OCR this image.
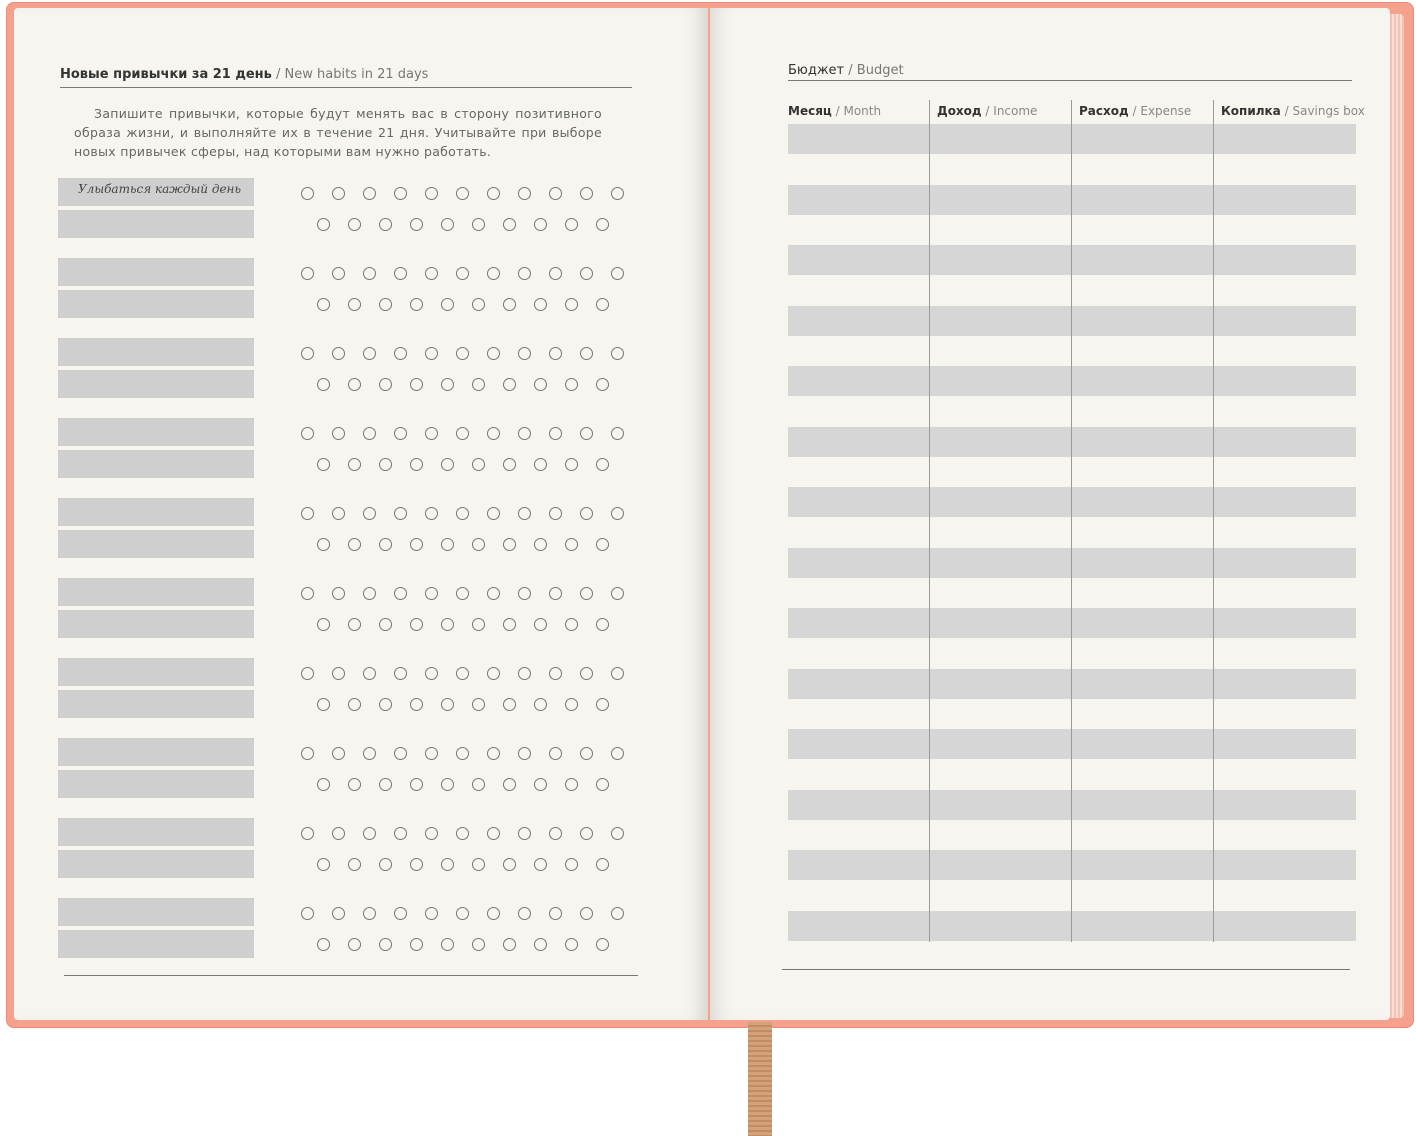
Новые привычки за 21 день / New habits in 21 days
Запишите привычки, которые будут менять вас в сторону позитивного образа жизни, и выполняйте их в течение 21 дня. Учитывайте при выборе новых привычек сферы, над которыми вам нужно работать.
Улыбаться каждый день
Бюджет / Budget
Месяц / Month	Доход / Income	Расход / Expense Копилка / Savings box
